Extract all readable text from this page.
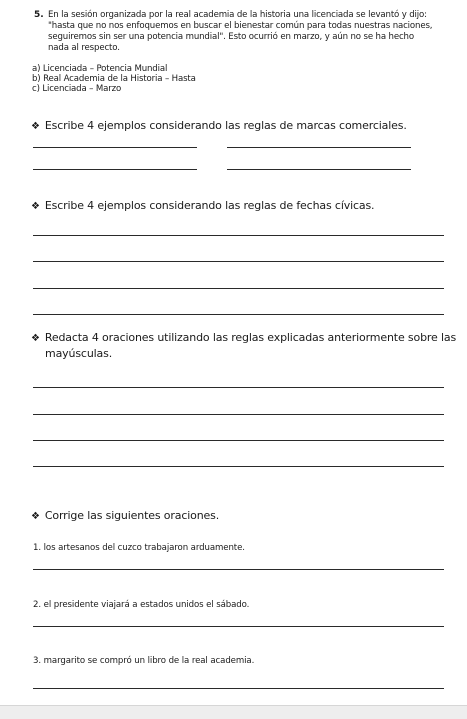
5. En la sesión organizada por la real academia de la historia una licenciada se levantó y dijo:
"hasta que no nos enfoquemos en buscar el bienestar común para todas nuestras naciones,
seguiremos sin ser una potencia mundial". Esto ocurrió en marzo, y aún no se ha hecho
nada al respecto.
a) Licenciada – Potencia Mundial
b) Real Academia de la Historia – Hasta
c) Licenciada – Marzo
❖ Escribe 4 ejemplos considerando las reglas de marcas comerciales.
❖ Escribe 4 ejemplos considerando las reglas de fechas cívicas.
❖ Redacta 4 oraciones utilizando las reglas explicadas anteriormente sobre las
mayúsculas.
❖ Corrige las siguientes oraciones.
1. los artesanos del cuzco trabajaron arduamente.
2. el presidente viajará a estados unidos el sábado.
3. margarito se compró un libro de la real academia.
